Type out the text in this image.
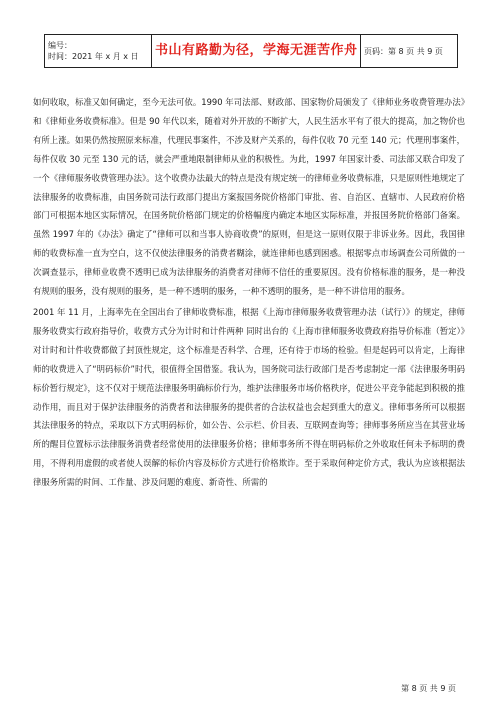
编号：
时间：2021 年 x 月 x 日	书山有路勤为径，学海无涯苦作舟	页码：第 8 页 共 9 页

如何收取，标准又如何确定，至今无法可依。1990 年司法部、财政部、国家物价局颁发了《律师业务收费管理办法》和《律师业务收费标准》。但是 90 年代以来，随着对外开放的不断扩大，人民生活水平有了很大的提高，加之物价也有所上涨。如果仍然按照原来标准，代理民事案件，不涉及财产关系的，每件仅收 70 元至 140 元；代理刑事案件，每件仅收 30 元至 130 元的话，就会严重地限制律师从业的积极性。为此，1997 年国家计委、司法部又联合印发了一个《律师服务收费管理办法》。这个收费办法最大的特点是没有规定统一的律师业务收费标准，只是原则性地规定了法律服务的收费标准，由国务院司法行政部门提出方案报国务院价格部门审批、省、自治区、直辖市、人民政府价格部门可根据本地区实际情况，在国务院价格部门规定的价格幅度内确定本地区实际标准，并报国务院价格部门备案。虽然 1997 年的《办法》确定了“律师可以和当事人协商收费”的原则，但是这一原则仅限于非诉业务。因此，我国律师的收费标准一直为空白，这不仅使法律服务的消费者糊涂，就连律师也感到困惑。根据零点市场调查公司所做的一次调查显示，律师业收费不透明已成为法律服务的消费者对律师不信任的重要原因。没有价格标准的服务，是一种没有规则的服务，没有规则的服务，是一种不透明的服务，一种不透明的服务，是一种不讲信用的服务。

2001 年 11 月，上海率先在全国出台了律师收费标准，根据《上海市律师服务收费管理办法（试行）》的规定，律师服务收费实行政府指导价，收费方式分为计时和计件两种 同时出台的《上海市律师服务收费政府指导价标准（暂定）》对计时和计件收费都做了封顶性规定，这个标准是否科学、合理，还有待于市场的检验。但是起码可以肯定，上海律师的收费进入了“明码标价”时代，很值得全国借鉴。我认为，国务院司法行政部门是否考虑制定一部《法律服务明码标价暂行规定》，这不仅对于规范法律服务明确标价行为，维护法律服务市场价格秩序，促进公平竞争能起到积极的推动作用，而且对于保护法律服务的消费者和法律服务的提供者的合法权益也会起到重大的意义。律师事务所可以根据其法律服务的特点，采取以下方式明码标价，如公告、公示栏、价目表、互联网查询等；律师事务所应当在其营业场所的醒目位置标示法律服务消费者经常使用的法律服务价格；律师事务所不得在明码标价之外收取任何未予标明的费用，不得利用虚假的或者使人误解的标价内容及标价方式进行价格欺诈。至于采取何种定价方式，我认为应该根据法律服务所需的时间、工作量、涉及问题的难度、新奇性、所需的

第 8 页 共 9 页
